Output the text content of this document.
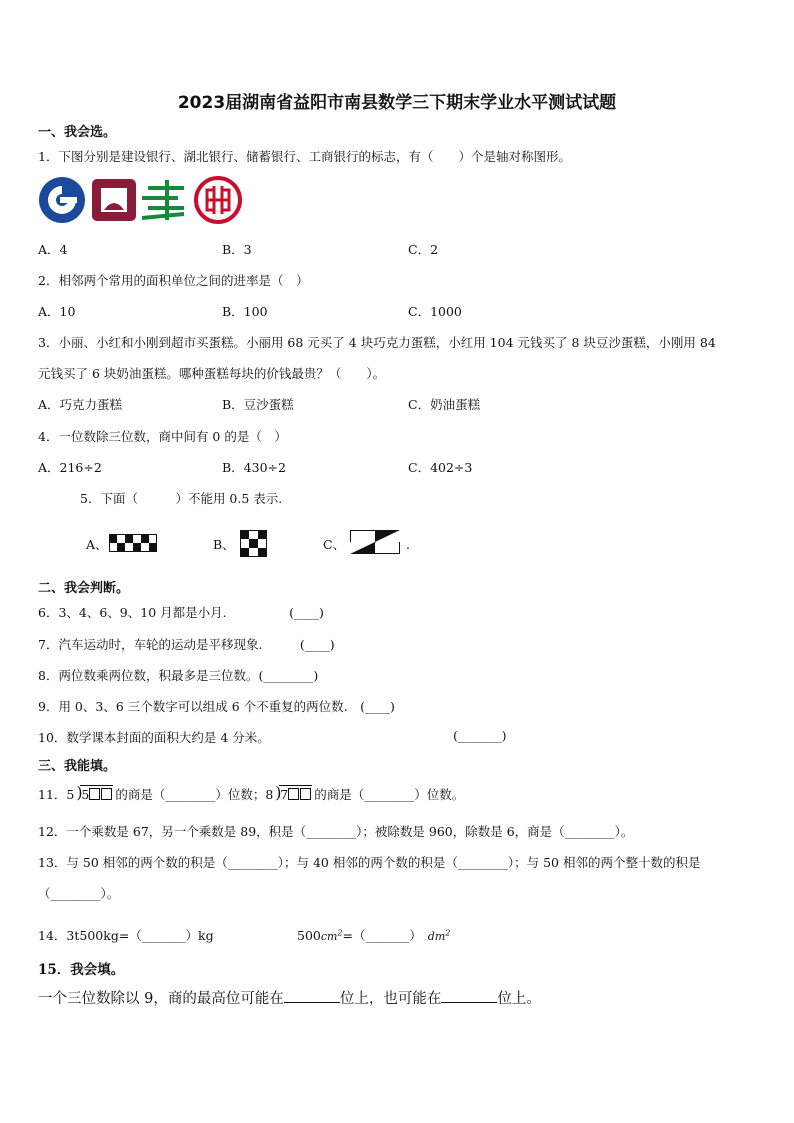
2023届湖南省益阳市南县数学三下期末学业水平测试试题
一、我会选。
1．下图分别是建设银行、湖北银行、储蓄银行、工商银行的标志，有（　　）个是轴对称图形。
A．4	B．3	C．2
2．相邻两个常用的面积单位之间的进率是（　）
A．10	B．100	C．1000
3．小丽、小红和小刚到超市买蛋糕。小丽用 68 元买了 4 块巧克力蛋糕，小红用 104 元钱买了 8 块豆沙蛋糕，小刚用 84
元钱买了 6 块奶油蛋糕。哪种蛋糕每块的价钱最贵？（　　）。
A．巧克力蛋糕	B．豆沙蛋糕	C．奶油蛋糕
4．一位数除三位数，商中间有 0 的是（　）
A．216÷2	B．430÷2	C．402÷3
5．下面（　　　）不能用 0.5 表示.
A、	B、	C、	.
二、我会判断。
6．3、4、6、9、10 月都是小月.　　　　　(____)
7．汽车运动时，车轮的运动是平移现象.　　　(____)
8．两位数乘两位数，积最多是三位数。(________)
9．用 0、3、6 三个数字可以组成 6 个不重复的两位数.　(____)
10．数学课本封面的面积大约是 4 分米。	(_______)
三、我能填。
11．5 )
5 的商是（________）位数；8 )
7 的商是（________）位数。
12．一个乘数是 67，另一个乘数是 89，积是（________）；被除数是 960，除数是 6，商是（________）。
13．与 50 相邻的两个数的积是（________）；与 40 相邻的两个数的积是（________）；与 50 相邻的两个整十数的积是
（________）。
14．3t500kg=（_______）kg	$500cm^2=(\_\_\_\_\_\_\_)$ $dm^2$
15．我会填。
一个三位数除以 9，商的最高位可能在	位上，也可能在	位上。
